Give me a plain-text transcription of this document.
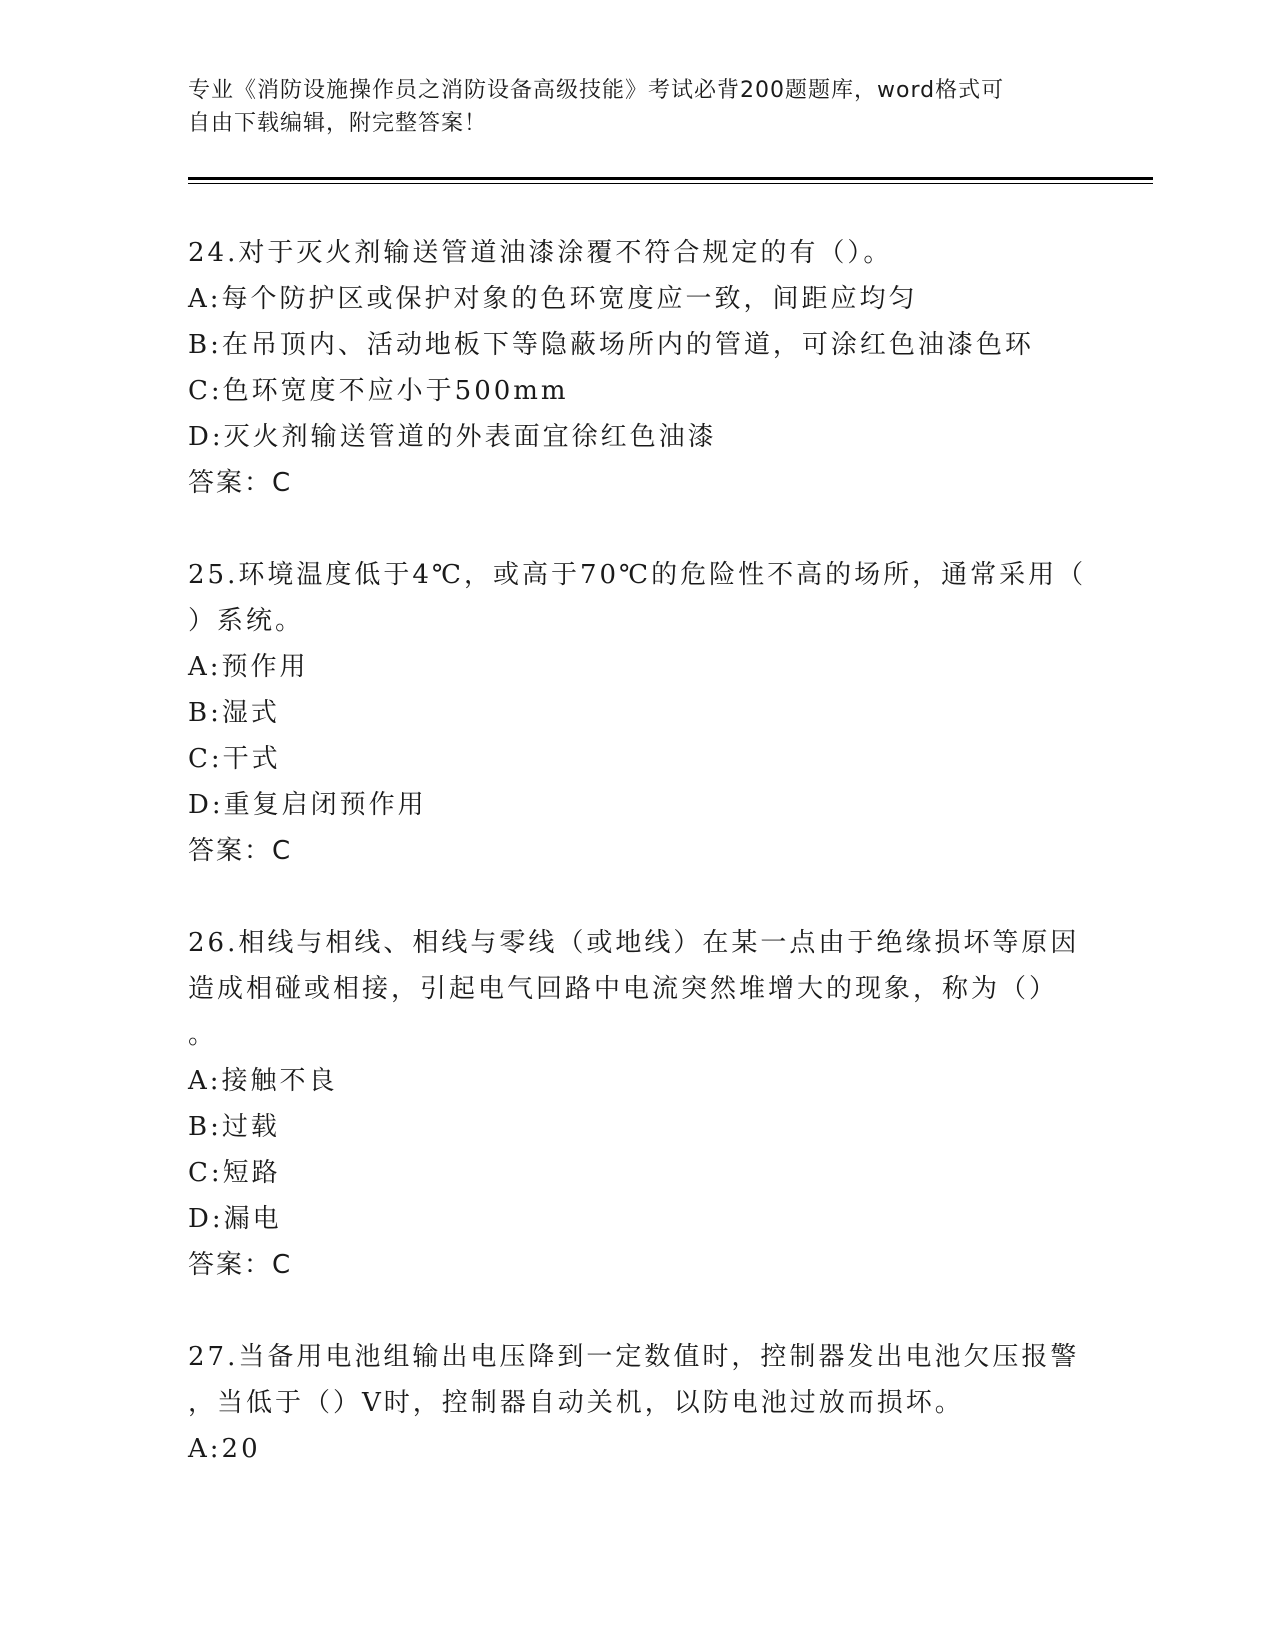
专业《消防设施操作员之消防设备高级技能》考试必背200题题库，word格式可
自由下载编辑，附完整答案！
24.对于灭火剂输送管道油漆涂覆不符合规定的有（）。
A:每个防护区或保护对象的色环宽度应一致，间距应均匀
B:在吊顶内、活动地板下等隐蔽场所内的管道，可涂红色油漆色环
C:色环宽度不应小于500mm
D:灭火剂输送管道的外表面宜徐红色油漆
答案：C
25.环境温度低于4℃，或高于70℃的危险性不高的场所，通常采用（
）系统。
A:预作用
B:湿式
C:干式
D:重复启闭预作用
答案：C
26.相线与相线、相线与零线（或地线）在某一点由于绝缘损坏等原因
造成相碰或相接，引起电气回路中电流突然堆增大的现象，称为（）
。
A:接触不良
B:过载
C:短路
D:漏电
答案：C
27.当备用电池组输出电压降到一定数值时，控制器发出电池欠压报警
，当低于（）V时，控制器自动关机，以防电池过放而损坏。
A:20
